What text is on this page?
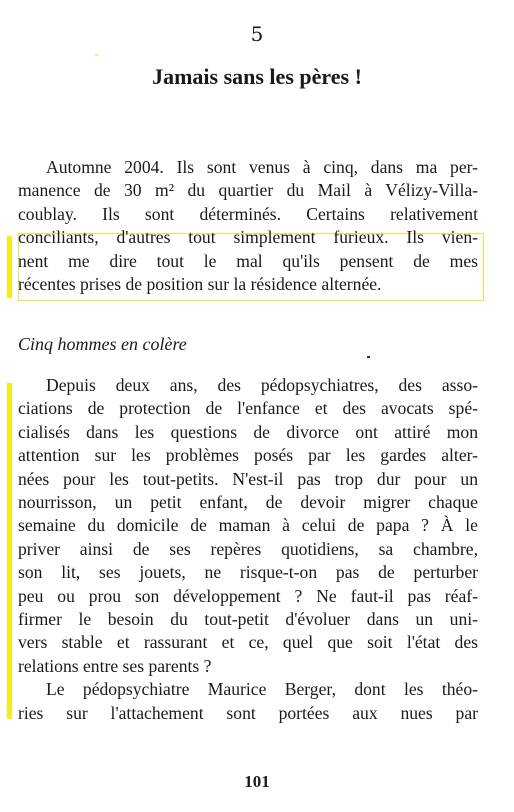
5
Jamais sans les pères !
Automne 2004. Ils sont venus à cinq, dans ma per-
manence de 30 m² du quartier du Mail à Vélizy-Villa-
coublay. Ils sont déterminés. Certains relativement
conciliants, d'autres tout simplement furieux. Ils vien-
nent me dire tout le mal qu'ils pensent de mes
récentes prises de position sur la résidence alternée.
Cinq hommes en colère
Depuis deux ans, des pédopsychiatres, des asso-
ciations de protection de l'enfance et des avocats spé-
cialisés dans les questions de divorce ont attiré mon
attention sur les problèmes posés par les gardes alter-
nées pour les tout-petits. N'est-il pas trop dur pour un
nourrisson, un petit enfant, de devoir migrer chaque
semaine du domicile de maman à celui de papa ? À le
priver ainsi de ses repères quotidiens, sa chambre,
son lit, ses jouets, ne risque-t-on pas de perturber
peu ou prou son développement ? Ne faut-il pas réaf-
firmer le besoin du tout-petit d'évoluer dans un uni-
vers stable et rassurant et ce, quel que soit l'état des
relations entre ses parents ?
Le pédopsychiatre Maurice Berger, dont les théo-
ries sur l'attachement sont portées aux nues par
101
